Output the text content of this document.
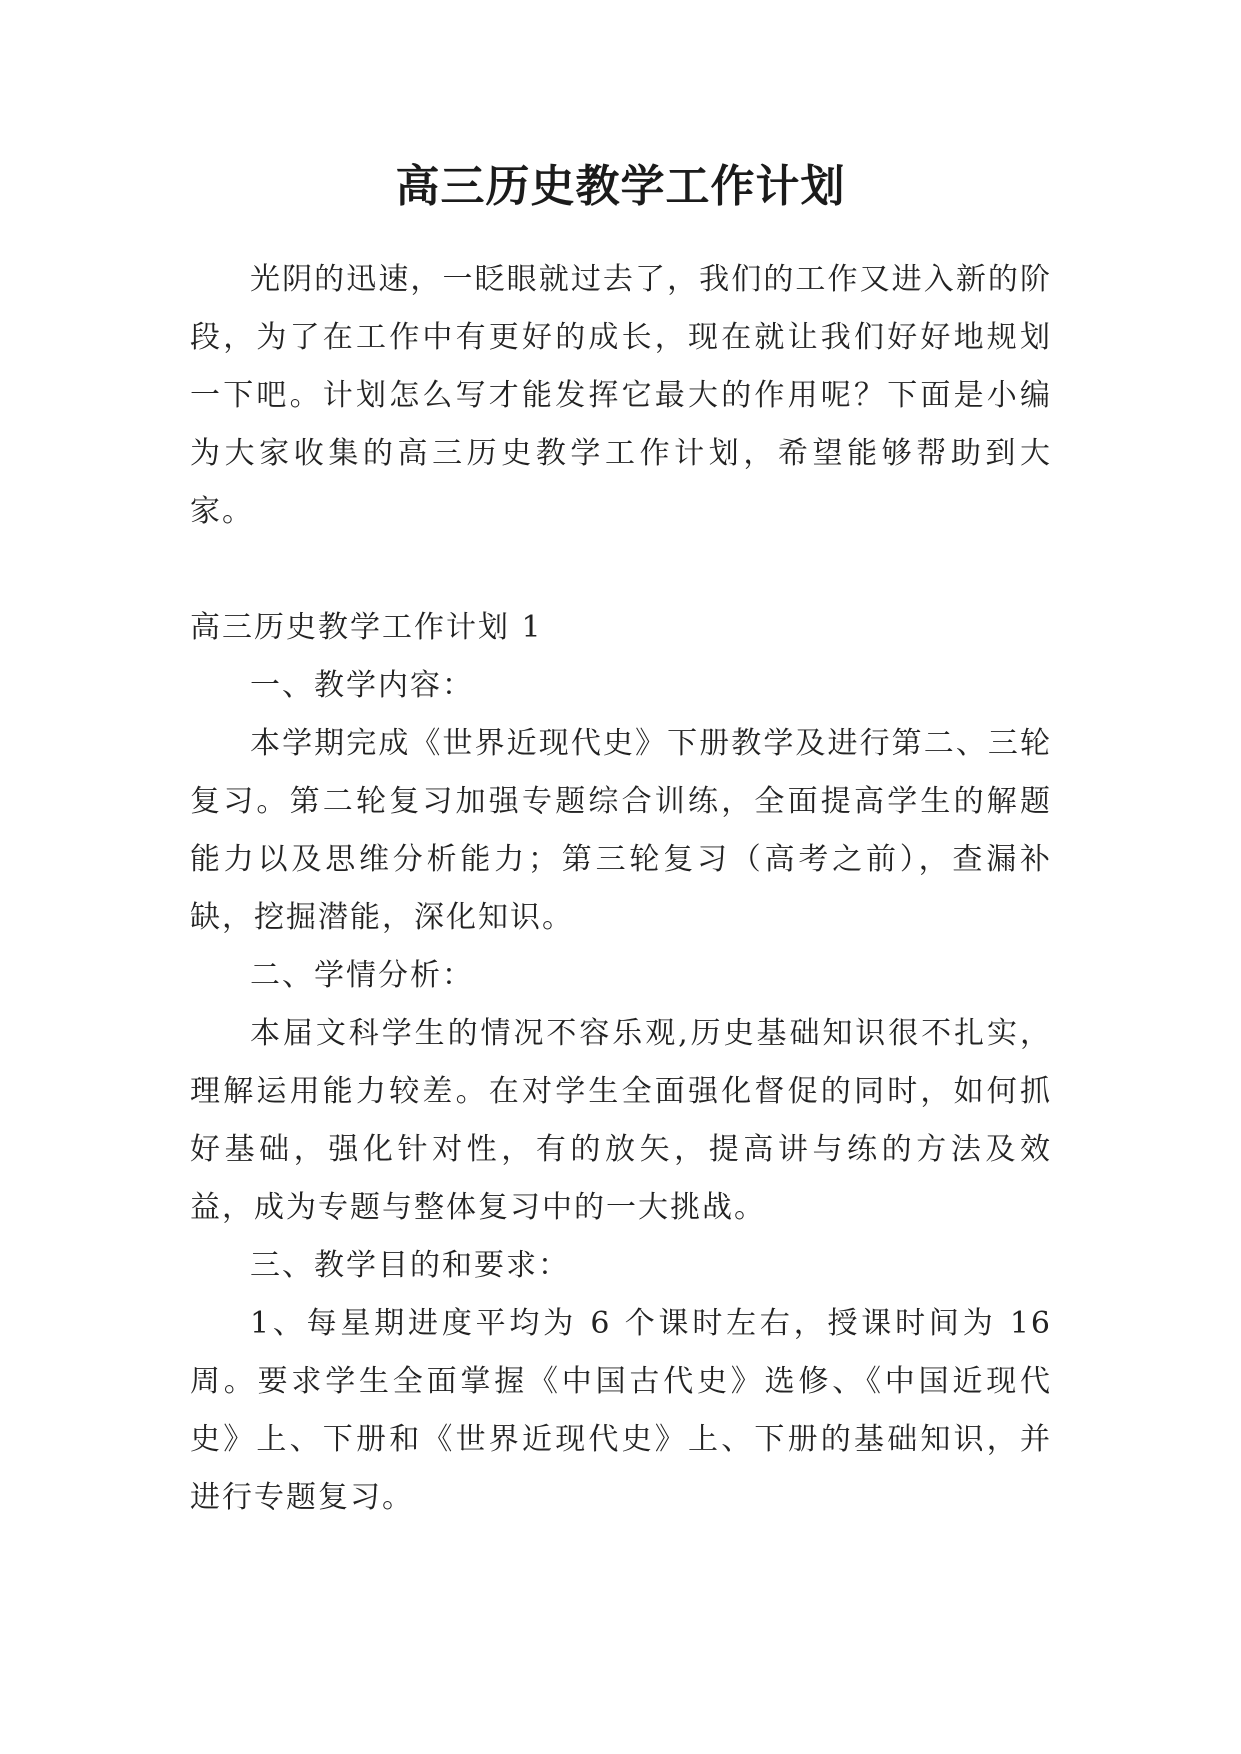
高三历史教学工作计划

光阴的迅速，一眨眼就过去了，我们的工作又进入新的阶段，为了在工作中有更好的成长，现在就让我们好好地规划一下吧。计划怎么写才能发挥它最大的作用呢？下面是小编为大家收集的高三历史教学工作计划，希望能够帮助到大家。

高三历史教学工作计划 1

一、教学内容：

本学期完成《世界近现代史》下册教学及进行第二、三轮复习。第二轮复习加强专题综合训练，全面提高学生的解题能力以及思维分析能力；第三轮复习（高考之前），查漏补缺，挖掘潜能，深化知识。

二、学情分析：

本届文科学生的情况不容乐观,历史基础知识很不扎实，理解运用能力较差。在对学生全面强化督促的同时，如何抓好基础，强化针对性，有的放矢，提高讲与练的方法及效益，成为专题与整体复习中的一大挑战。

三、教学目的和要求：

1、每星期进度平均为 6 个课时左右，授课时间为 16 周。要求学生全面掌握《中国古代史》选修、《中国近现代史》上、下册和《世界近现代史》上、下册的基础知识，并进行专题复习。
